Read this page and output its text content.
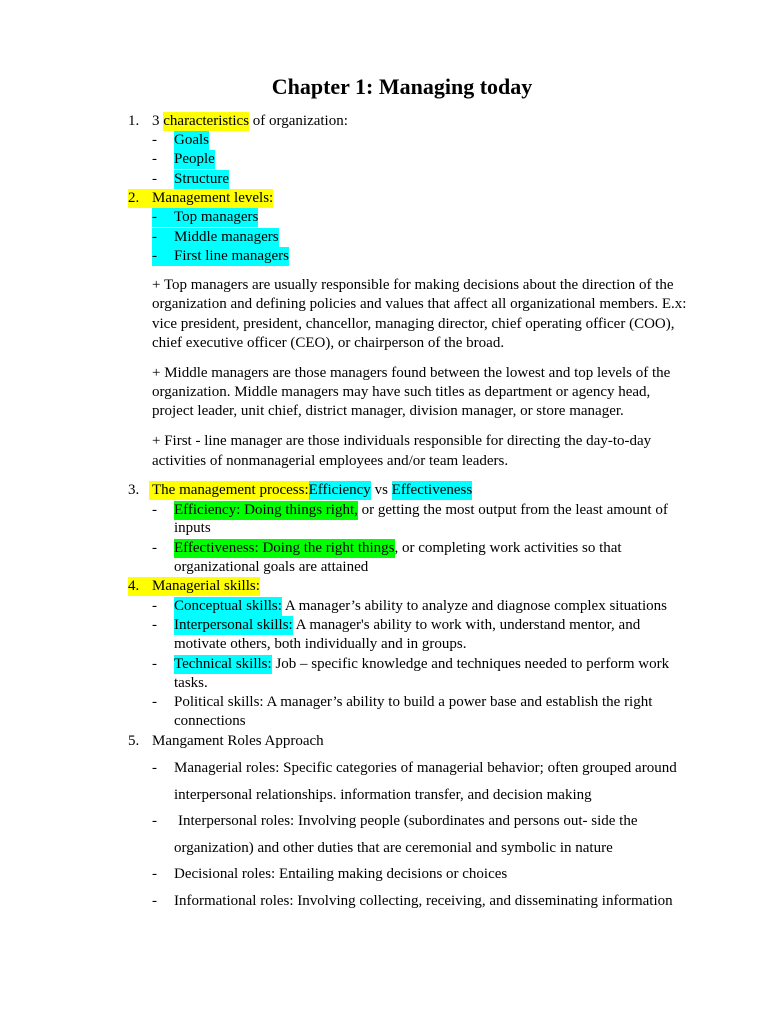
Chapter 1: Managing today
1. 3 characteristics of organization:
- Goals
- People
- Structure
2. Management levels:
- Top managers
- Middle managers
- First line managers
+ Top managers are usually responsible for making decisions about the direction of the
organization and defining policies and values that affect all organizational members. E.x:
vice president, president, chancellor, managing director, chief operating officer (COO),
chief executive officer (CEO), or chairperson of the broad.
+ Middle managers are those managers found between the lowest and top levels of the
organization. Middle managers may have such titles as department or agency head,
project leader, unit chief, district manager, division manager, or store manager.
+ First - line manager are those individuals responsible for directing the day-to-day
activities of nonmanagerial employees and/or team leaders.
3. The management process:Efficiency vs Effectiveness
- Efficiency: Doing things right, or getting the most output from the least amount of
inputs
- Effectiveness: Doing the right things, or completing work activities so that
organizational goals are attained
4. Managerial skills:
- Conceptual skills: A manager’s ability to analyze and diagnose complex situations
- Interpersonal skills: A manager's ability to work with, understand mentor, and
motivate others, both individually and in groups.
- Technical skills: Job – specific knowledge and techniques needed to perform work
tasks.
- Political skills: A manager’s ability to build a power base and establish the right
connections
5. Mangament Roles Approach
- Managerial roles: Specific categories of managerial behavior; often grouped around
interpersonal relationships. information transfer, and decision making
- Interpersonal roles: Involving people (subordinates and persons out- side the
organization) and other duties that are ceremonial and symbolic in nature
- Decisional roles: Entailing making decisions or choices
- Informational roles: Involving collecting, receiving, and disseminating information
